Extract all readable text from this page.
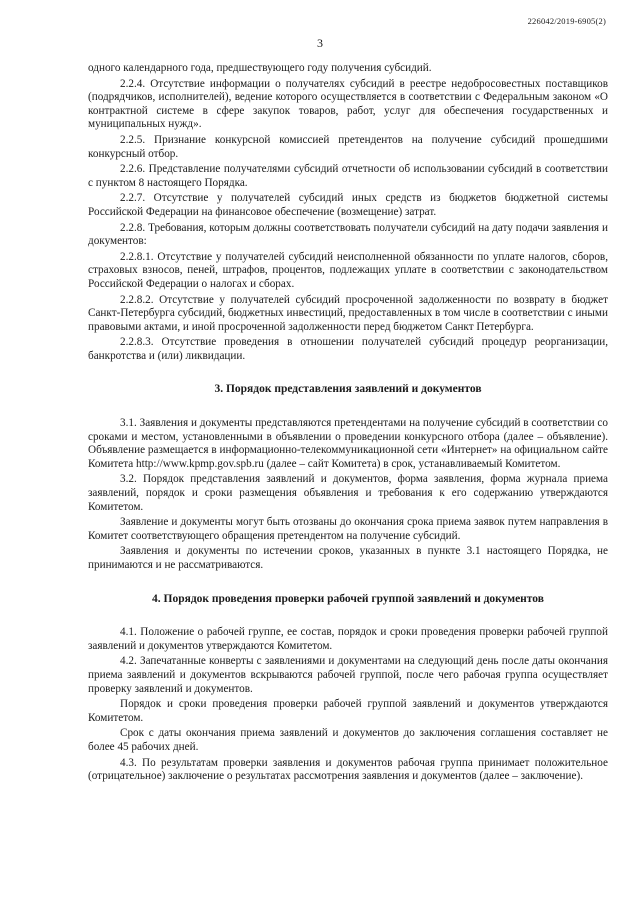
226042/2019-6905(2)
3

одного календарного года, предшествующего году получения субсидий.

2.2.4. Отсутствие информации о получателях субсидий в реестре недобросовестных поставщиков (подрядчиков, исполнителей), ведение которого осуществляется в соответствии с Федеральным законом «О контрактной системе в сфере закупок товаров, работ, услуг для обеспечения государственных и муниципальных нужд».

2.2.5. Признание конкурсной комиссией претендентов на получение субсидий прошедшими конкурсный отбор.

2.2.6. Представление получателями субсидий отчетности об использовании субсидий в соответствии с пунктом 8 настоящего Порядка.

2.2.7. Отсутствие у получателей субсидий иных средств из бюджетов бюджетной системы Российской Федерации на финансовое обеспечение (возмещение) затрат.

2.2.8. Требования, которым должны соответствовать получатели субсидий на дату подачи заявления и документов:

2.2.8.1. Отсутствие у получателей субсидий неисполненной обязанности по уплате налогов, сборов, страховых взносов, пеней, штрафов, процентов, подлежащих уплате в соответствии с законодательством Российской Федерации о налогах и сборах.

2.2.8.2. Отсутствие у получателей субсидий просроченной задолженности по возврату в бюджет Санкт-Петербурга субсидий, бюджетных инвестиций, предоставленных в том числе в соответствии с иными правовыми актами, и иной просроченной задолженности перед бюджетом Санкт Петербурга.

2.2.8.3. Отсутствие проведения в отношении получателей субсидий процедур реорганизации, банкротства и (или) ликвидации.

3. Порядок представления заявлений и документов

3.1. Заявления и документы представляются претендентами на получение субсидий в соответствии со сроками и местом, установленными в объявлении о проведении конкурсного отбора (далее – объявление). Объявление размещается в информационно-телекоммуникационной сети «Интернет» на официальном сайте Комитета http://www.kpmp.gov.spb.ru (далее – сайт Комитета) в срок, устанавливаемый Комитетом.

3.2. Порядок представления заявлений и документов, форма заявления, форма журнала приема заявлений, порядок и сроки размещения объявления и требования к его содержанию утверждаются Комитетом.

Заявление и документы могут быть отозваны до окончания срока приема заявок путем направления в Комитет соответствующего обращения претендентом на получение субсидий.

Заявления и документы по истечении сроков, указанных в пункте 3.1 настоящего Порядка, не принимаются и не рассматриваются.

4. Порядок проведения проверки рабочей группой заявлений и документов

4.1. Положение о рабочей группе, ее состав, порядок и сроки проведения проверки рабочей группой заявлений и документов утверждаются Комитетом.

4.2. Запечатанные конверты с заявлениями и документами на следующий день после даты окончания приема заявлений и документов вскрываются рабочей группой, после чего рабочая группа осуществляет проверку заявлений и документов.

Порядок и сроки проведения проверки рабочей группой заявлений и документов утверждаются Комитетом.

Срок с даты окончания приема заявлений и документов до заключения соглашения составляет не более 45 рабочих дней.

4.3. По результатам проверки заявления и документов рабочая группа принимает положительное (отрицательное) заключение о результатах рассмотрения заявления и документов (далее – заключение).
